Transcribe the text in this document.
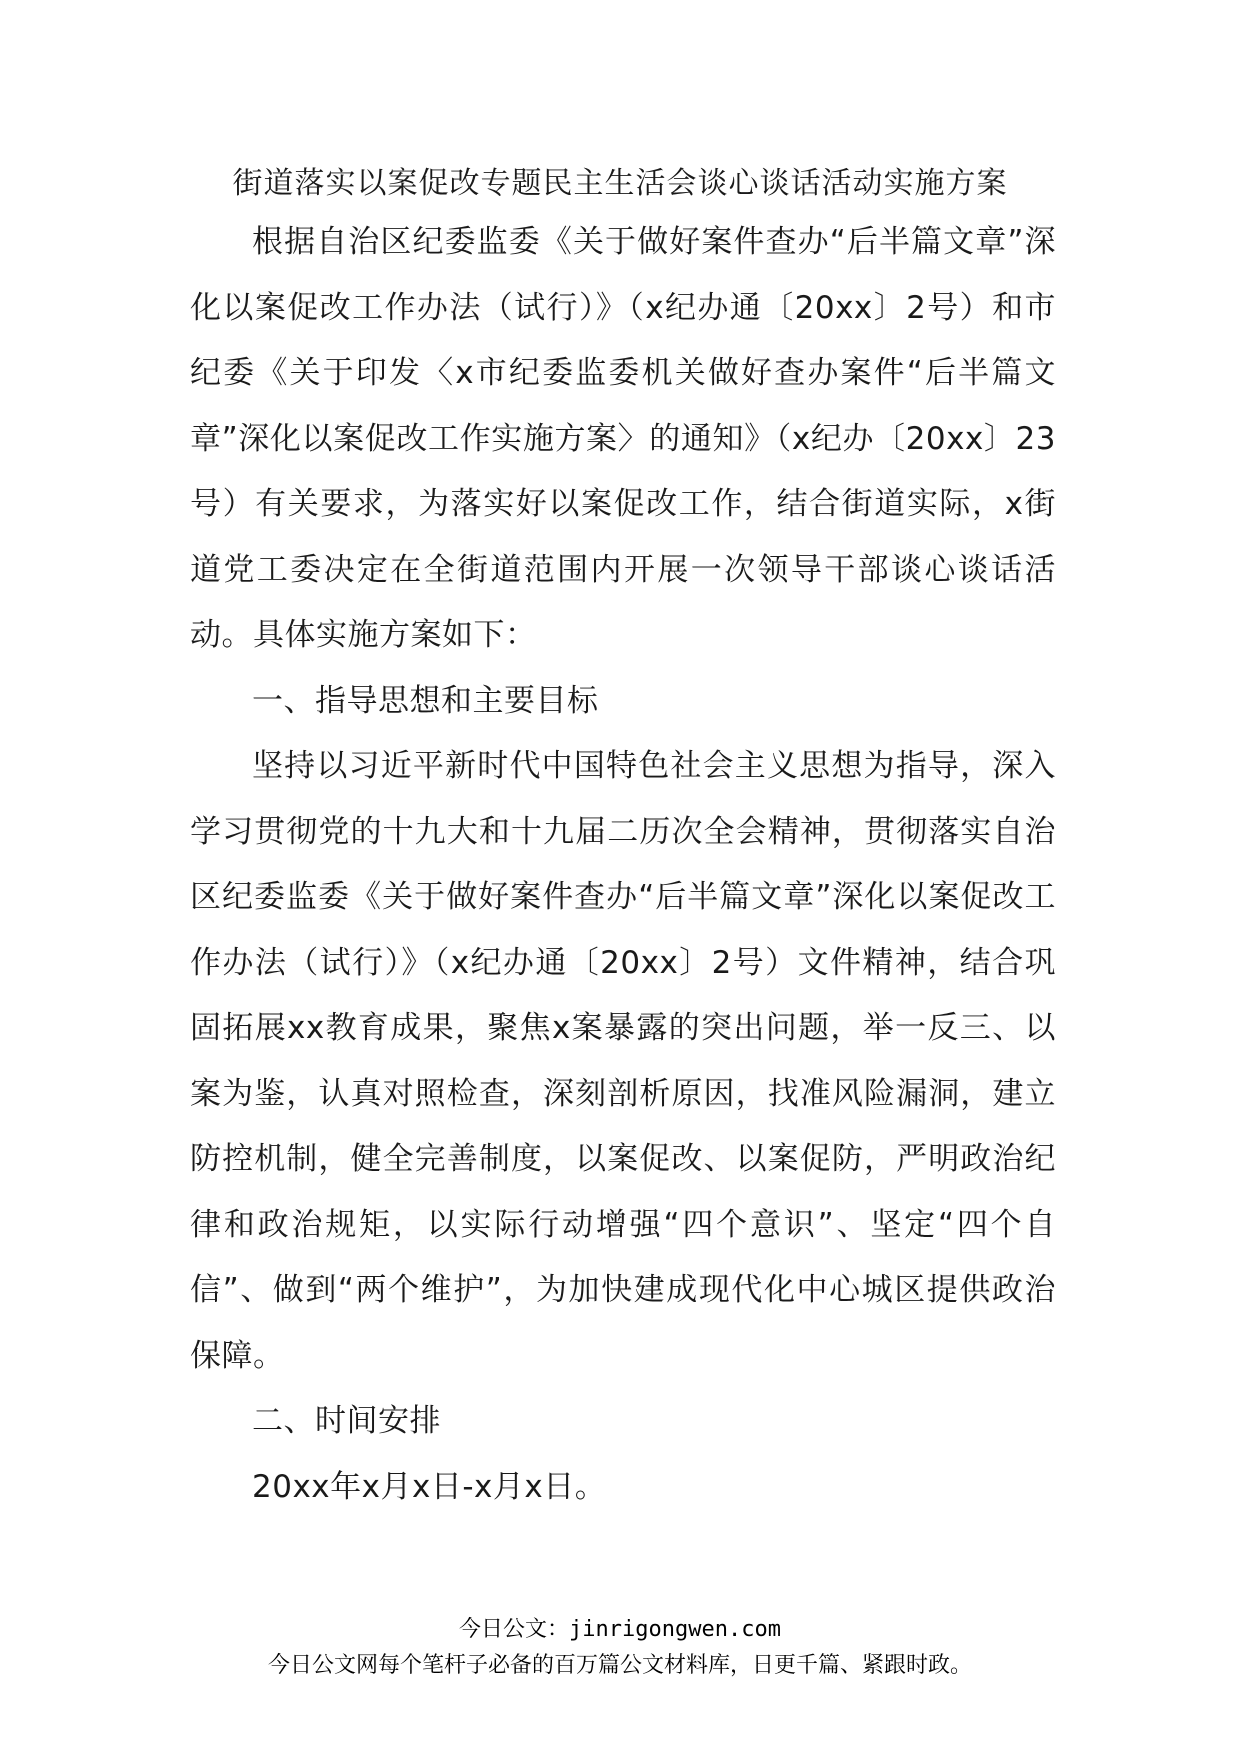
街道落实以案促改专题民主生活会谈心谈话活动实施方案

根据自治区纪委监委《关于做好案件查办“后半篇文章”深化以案促改工作办法（试行）》（x纪办通〔20xx〕2号）和市纪委《关于印发〈x市纪委监委机关做好查办案件“后半篇文章”深化以案促改工作实施方案〉的通知》（x纪办〔20xx〕23号）有关要求，为落实好以案促改工作，结合街道实际，x街道党工委决定在全街道范围内开展一次领导干部谈心谈话活动。具体实施方案如下：

一、指导思想和主要目标

坚持以习近平新时代中国特色社会主义思想为指导，深入学习贯彻党的十九大和十九届二历次全会精神，贯彻落实自治区纪委监委《关于做好案件查办“后半篇文章”深化以案促改工作办法（试行）》（x纪办通〔20xx〕2号）文件精神，结合巩固拓展xx教育成果，聚焦x案暴露的突出问题，举一反三、以案为鉴，认真对照检查，深刻剖析原因，找准风险漏洞，建立防控机制，健全完善制度，以案促改、以案促防，严明政治纪律和政治规矩，以实际行动增强“四个意识”、坚定“四个自信”、做到“两个维护”，为加快建成现代化中心城区提供政治保障。

二、时间安排

20xx年x月x日-x月x日。

今日公文：jinrigongwen.com
今日公文网每个笔杆子必备的百万篇公文材料库，日更千篇、紧跟时政。
